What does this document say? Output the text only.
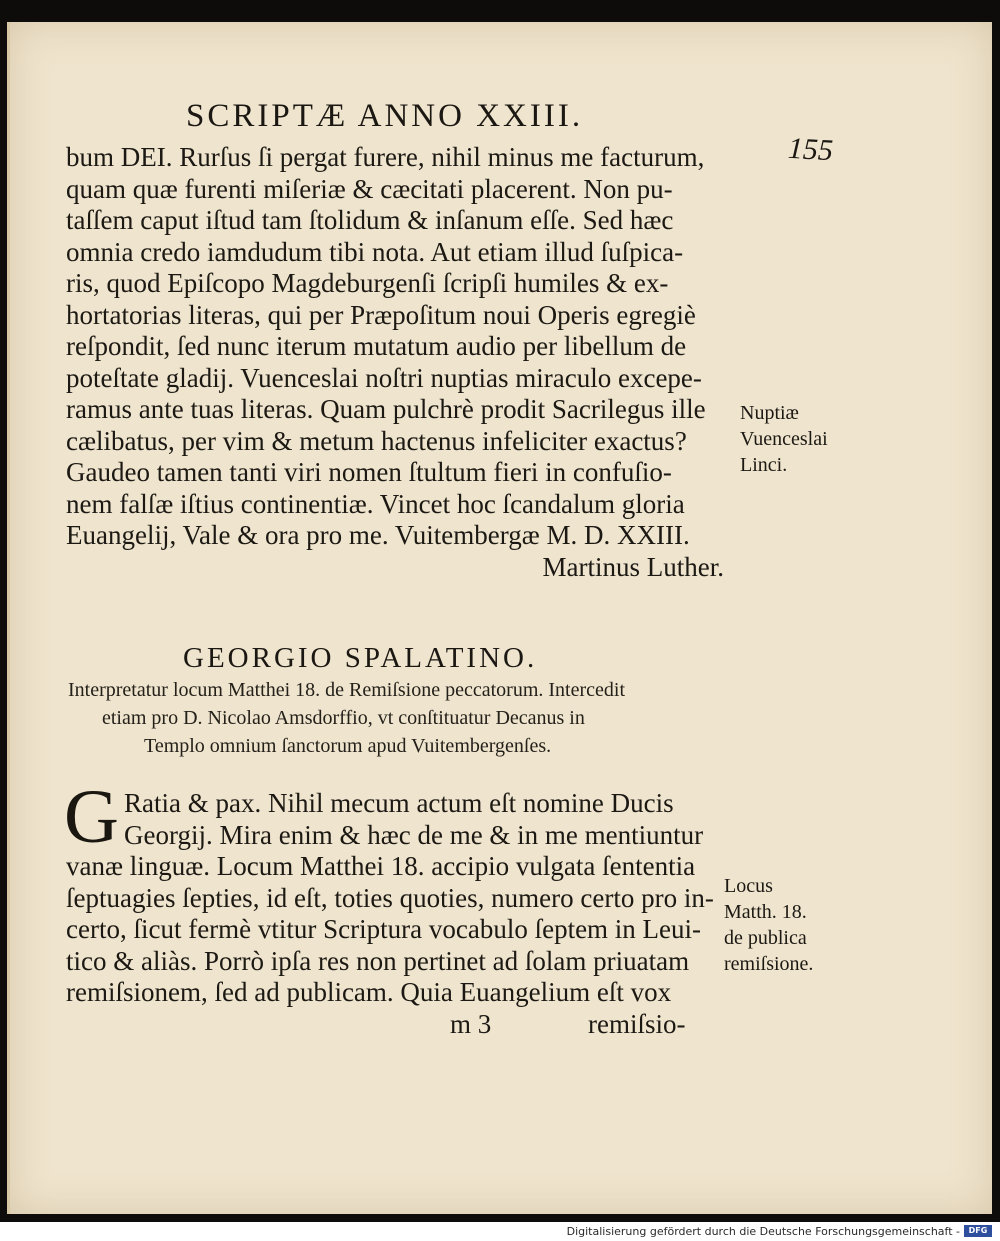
SCRIPTÆ ANNO XXIII.
155
bum DEI. Rurſus ſi pergat furere, nihil minus me facturum,
quam quæ furenti miſeriæ & cæcitati placerent. Non pu-
taſſem caput iſtud tam ſtolidum & inſanum eſſe. Sed hæc
omnia credo iamdudum tibi nota. Aut etiam illud ſuſpica-
ris, quod Epiſcopo Magdeburgenſi ſcripſi humiles & ex-
hortatorias literas, qui per Præpoſitum noui Operis egregiè
reſpondit, ſed nunc iterum mutatum audio per libellum de
poteſtate gladij. Vuenceslai noſtri nuptias miraculo excepe-
ramus ante tuas literas. Quam pulchrè prodit Sacrilegus ille
cælibatus, per vim & metum hactenus infeliciter exactus?
Gaudeo tamen tanti viri nomen ſtultum fieri in confuſio-
nem falſæ iſtius continentiæ. Vincet hoc ſcandalum gloria
Euangelij, Vale & ora pro me. Vuitembergæ M. D. XXIII.
Martinus Luther.
Nuptiæ
Vuenceslai
Linci.
GEORGIO SPALATINO.
Interpretatur locum Matthei 18. de Remiſsione peccatorum. Intercedit
etiam pro D. Nicolao Amsdorffio, vt conſtituatur Decanus in
Templo omnium ſanctorum apud Vuitembergenſes.
G Ratia & pax. Nihil mecum actum eſt nomine Ducis
Georgij. Mira enim & hæc de me & in me mentiuntur
vanæ linguæ. Locum Matthei 18. accipio vulgata ſententia
ſeptuagies ſepties, id eſt, toties quoties, numero certo pro in-
certo, ſicut fermè vtitur Scriptura vocabulo ſeptem in Leui-
tico & aliàs. Porrò ipſa res non pertinet ad ſolam priuatam
remiſsionem, ſed ad publicam. Quia Euangelium eſt vox
m 3	remiſsio-
Locus
Matth. 18.
de publica
remiſsione.
Digitalisierung gefördert durch die Deutsche Forschungsgemeinschaft -	DFG
